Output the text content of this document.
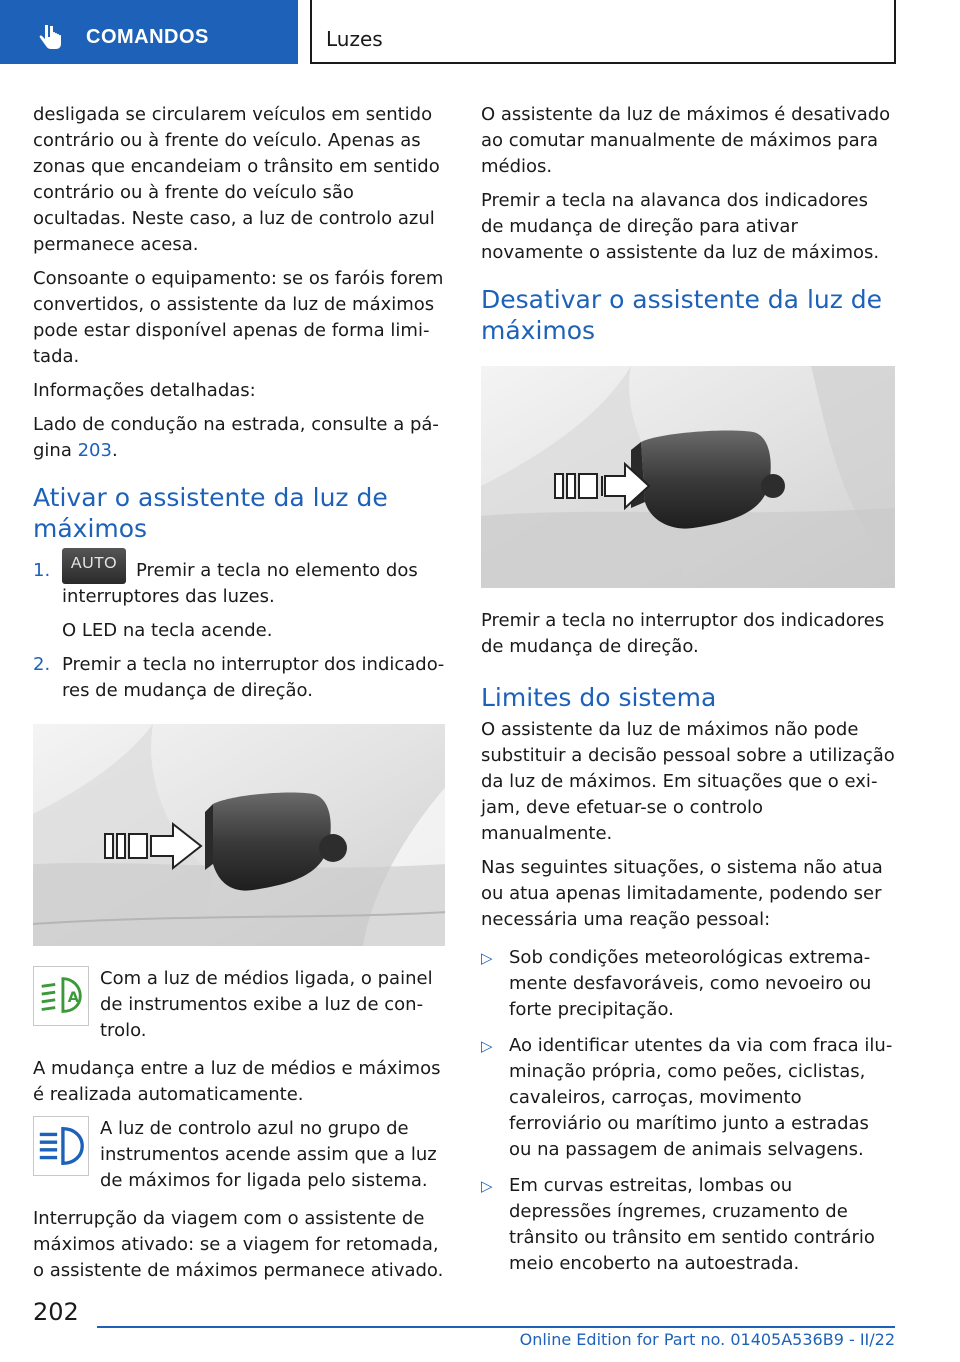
COMANDOS	Luzes

desligada se circularem veículos em sentido contrário ou à frente do veículo. Apenas as zonas que encandeiam o trânsito em sentido contrário ou à frente do veículo são ocultadas. Neste caso, a luz de controlo azul permanece acesa.

Consoante o equipamento: se os faróis forem convertidos, o assistente da luz de máximos pode estar disponível apenas de forma limitada.

Informações detalhadas:

Lado de condução na estrada, consulte a página 203.

Ativar o assistente da luz de máximos
1. AUTO Premir a tecla no elemento dos interruptores das luzes.
O LED na tecla acende.
2. Premir a tecla no interruptor dos indicadores de mudança de direção.
A
Com a luz de médios ligada, o painel de instrumentos exibe a luz de controlo.

A mudança entre a luz de médios e máximos é realizada automaticamente.

A luz de controlo azul no grupo de instrumentos acende assim que a luz de máximos for ligada pelo sistema.

Interrupção da viagem com o assistente de máximos ativado: se a viagem for retomada, o assistente de máximos permanece ativado.

O assistente da luz de máximos é desativado ao comutar manualmente de máximos para médios.

Premir a tecla na alavanca dos indicadores de mudança de direção para ativar novamente o assistente da luz de máximos.

Desativar o assistente da luz de máximos

Premir a tecla no interruptor dos indicadores de mudança de direção.

Limites do sistema

O assistente da luz de máximos não pode substituir a decisão pessoal sobre a utilização da luz de máximos. Em situações que o exijam, deve efetuar-se o controlo manualmente.

Nas seguintes situações, o sistema não atua ou atua apenas limitadamente, podendo ser necessária uma reação pessoal:

▷ Sob condições meteorológicas extremamente desfavoráveis, como nevoeiro ou forte precipitação.
▷ Ao identificar utentes da via com fraca iluminação própria, como peões, ciclistas, cavaleiros, carroças, movimento ferroviário ou marítimo junto a estradas ou na passagem de animais selvagens.
▷ Em curvas estreitas, lombas ou depressões íngremes, cruzamento de trânsito ou trânsito em sentido contrário meio encoberto na autoestrada.
202
Online Edition for Part no. 01405A536B9 - II/22
